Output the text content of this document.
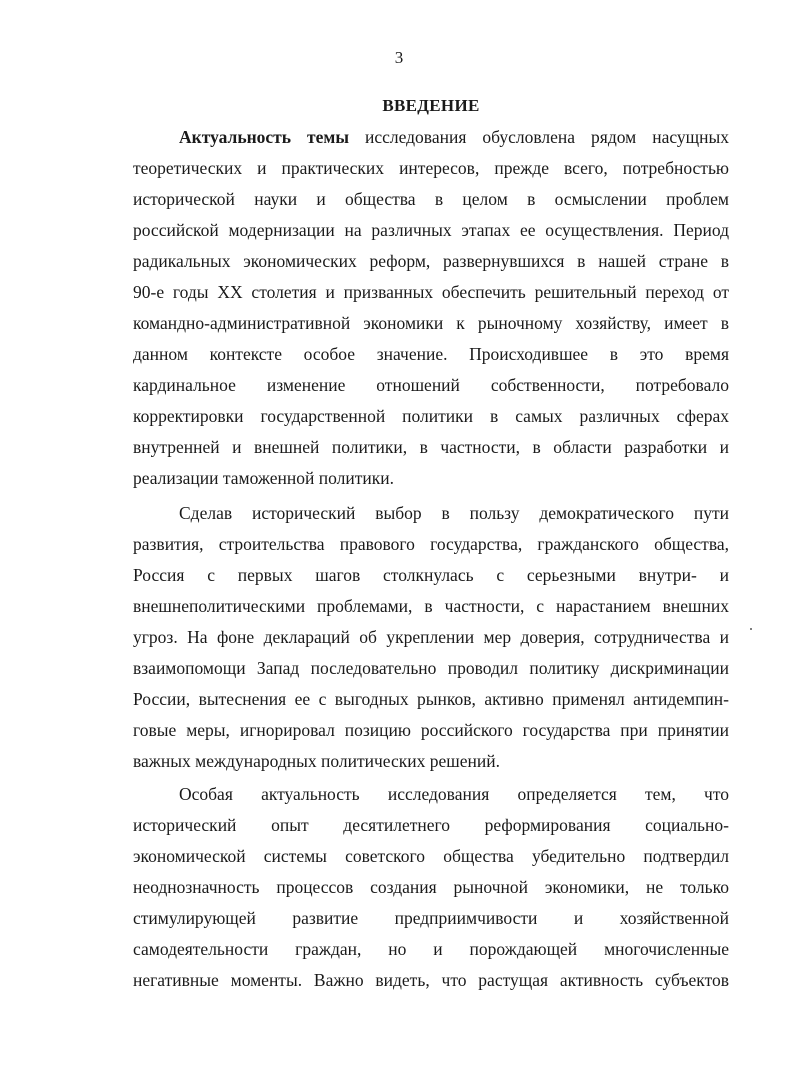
3
ВВЕДЕНИЕ
Актуальность темы исследования обусловлена рядом насущных
теоретических и практических интересов, прежде всего, потребностью
исторической науки и общества в целом в осмыслении проблем
российской модернизации на различных этапах ее осуществления. Период
радикальных экономических реформ, развернувшихся в нашей стране в
90-е годы XX столетия и призванных обеспечить решительный переход от
командно-административной экономики к рыночному хозяйству, имеет в
данном контексте особое значение. Происходившее в это время
кардинальное изменение отношений собственности, потребовало
корректировки государственной политики в самых различных сферах
внутренней и внешней политики, в частности, в области разработки и
реализации таможенной политики.
Сделав исторический выбор в пользу демократического пути
развития, строительства правового государства, гражданского общества,
Россия с первых шагов столкнулась с серьезными внутри- и
внешнеполитическими проблемами, в частности, с нарастанием внешних
угроз. На фоне деклараций об укреплении мер доверия, сотрудничества и
взаимопомощи Запад последовательно проводил политику дискриминации
России, вытеснения ее с выгодных рынков, активно применял антидемпин-
говые меры, игнорировал позицию российского государства при принятии
важных международных политических решений.
Особая актуальность исследования определяется тем, что
исторический опыт десятилетнего реформирования социально-
экономической системы советского общества убедительно подтвердил
неоднозначность процессов создания рыночной экономики, не только
стимулирующей развитие предприимчивости и хозяйственной
самодеятельности граждан, но и порождающей многочисленные
негативные моменты. Важно видеть, что растущая активность субъектов
